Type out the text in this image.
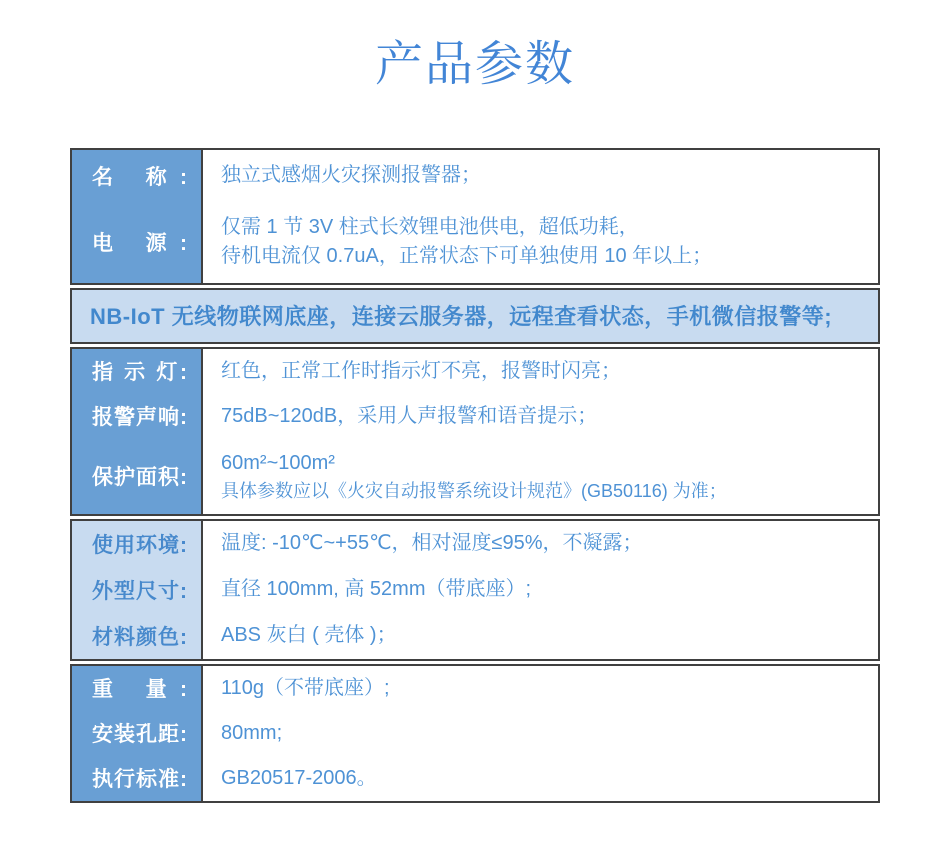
产品参数
名 称: 独立式感烟火灾探测报警器；
电 源:
仅需 1 节 3V 柱式长效锂电池供电，超低功耗，
待机电流仅 0.7uA，正常状态下可单独使用 10 年以上；
NB-IoT 无线物联网底座，连接云服务器，远程查看状态，手机微信报警等;
指 示 灯: 红色，正常工作时指示灯不亮，报警时闪亮；
报警声响: 75dB~120dB，采用人声报警和语音提示；
保护面积:
60m²~100m²
具体参数应以《火灾自动报警系统设计规范》(GB50116) 为准；
使用环境: 温度: -10℃~+55℃，相对湿度≤95%，不凝露；
外型尺寸: 直径 100mm, 高 52mm（带底座）;
材料颜色: ABS 灰白 ( 壳体 )；
重 量: 110g（不带底座）;
安装孔距: 80mm;
执行标准: GB20517-2006。
